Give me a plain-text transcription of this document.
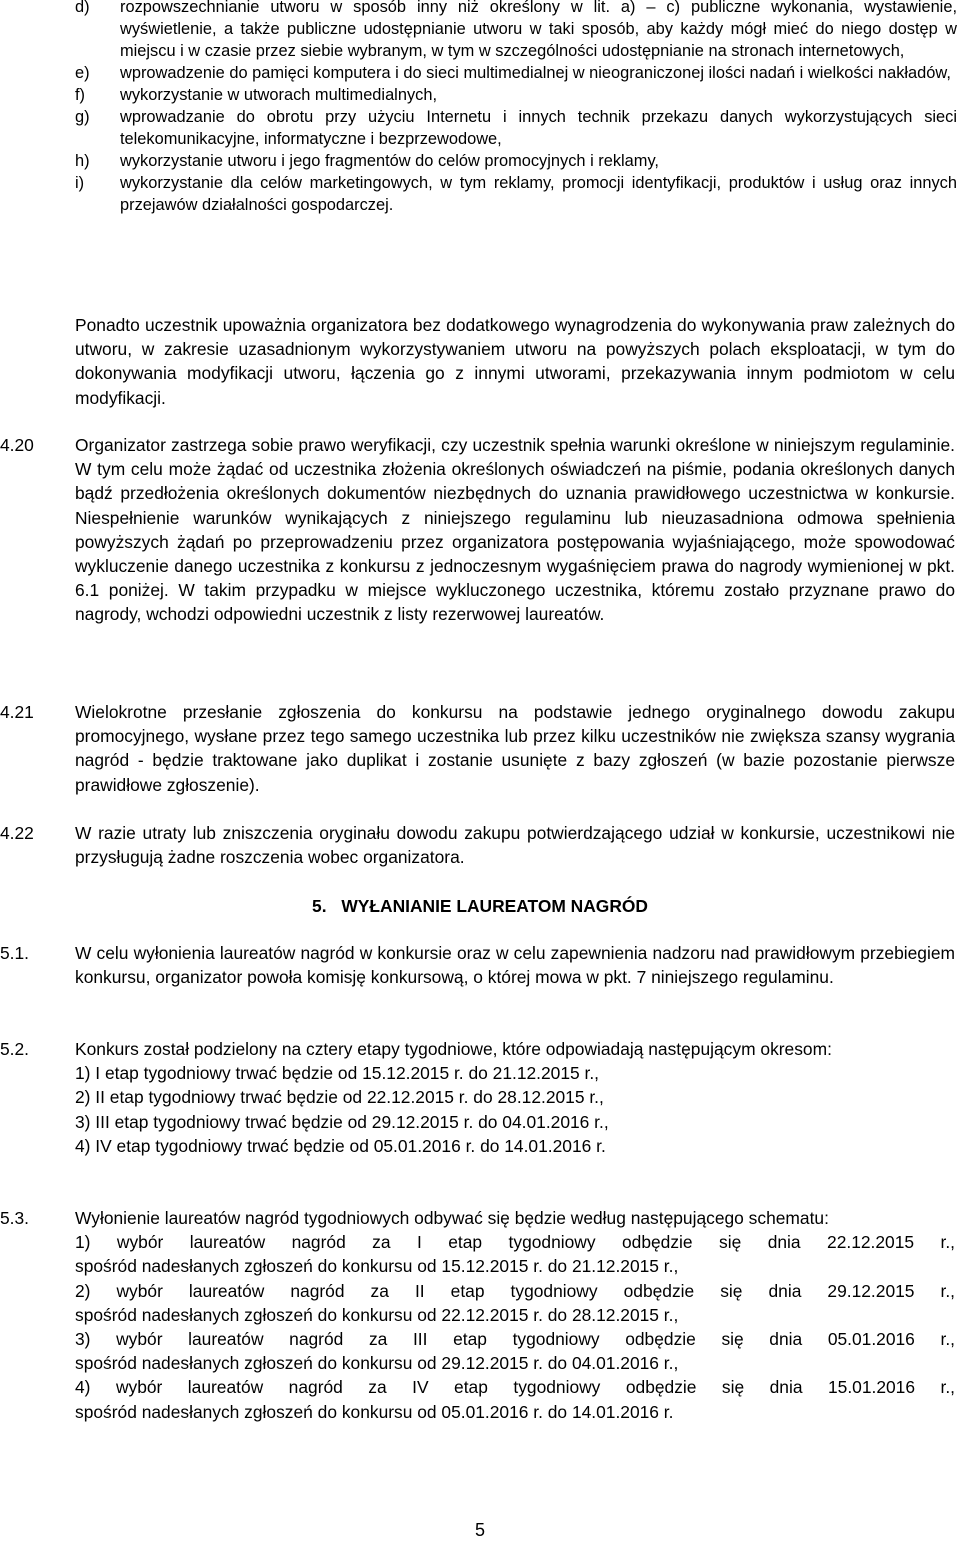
d) rozpowszechnianie utworu w sposób inny niż określony w lit. a) – c) publiczne wykonania, wystawienie, wyświetlenie, a także publiczne udostępnianie utworu w taki sposób, aby każdy mógł mieć do niego dostęp w miejscu i w czasie przez siebie wybranym, w tym w szczególności udostępnianie na stronach internetowych,
e) wprowadzenie do pamięci komputera i do sieci multimedialnej w nieograniczonej ilości nadań i wielkości nakładów,
f) wykorzystanie w utworach multimedialnych,
g) wprowadzanie do obrotu przy użyciu Internetu i innych technik przekazu danych wykorzystujących sieci telekomunikacyjne, informatyczne i bezprzewodowe,
h) wykorzystanie utworu i jego fragmentów do celów promocyjnych i reklamy,
i) wykorzystanie dla celów marketingowych, w tym reklamy, promocji identyfikacji, produktów i usług oraz innych przejawów działalności gospodarczej.
Ponadto uczestnik upoważnia organizatora bez dodatkowego wynagrodzenia do wykonywania praw zależnych do utworu, w zakresie uzasadnionym wykorzystywaniem utworu na powyższych polach eksploatacji, w tym do dokonywania modyfikacji utworu, łączenia go z innymi utworami, przekazywania innym podmiotom w celu modyfikacji.
4.20 Organizator zastrzega sobie prawo weryfikacji, czy uczestnik spełnia warunki określone w niniejszym regulaminie. W tym celu może żądać od uczestnika złożenia określonych oświadczeń na piśmie, podania określonych danych bądź przedłożenia określonych dokumentów niezbędnych do uznania prawidłowego uczestnictwa w konkursie. Niespełnienie warunków wynikających z niniejszego regulaminu lub nieuzasadniona odmowa spełnienia powyższych żądań po przeprowadzeniu przez organizatora postępowania wyjaśniającego, może spowodować wykluczenie danego uczestnika z konkursu z jednoczesnym wygaśnięciem prawa do nagrody wymienionej w pkt. 6.1 poniżej. W takim przypadku w miejsce wykluczonego uczestnika, któremu zostało przyznane prawo do nagrody, wchodzi odpowiedni uczestnik z listy rezerwowej laureatów.
4.21 Wielokrotne przesłanie zgłoszenia do konkursu na podstawie jednego oryginalnego dowodu zakupu promocyjnego, wysłane przez tego samego uczestnika lub przez kilku uczestników nie zwiększa szansy wygrania nagród - będzie traktowane jako duplikat i zostanie usunięte z bazy zgłoszeń (w bazie pozostanie pierwsze prawidłowe zgłoszenie).
4.22 W razie utraty lub zniszczenia oryginału dowodu zakupu potwierdzającego udział w konkursie, uczestnikowi nie przysługują żadne roszczenia wobec organizatora.
5. WYŁANIANIE LAUREATOM NAGRÓD
5.1.	W celu wyłonienia laureatów nagród w konkursie oraz w celu zapewnienia nadzoru nad prawidłowym przebiegiem konkursu, organizator powoła komisję konkursową, o której mowa w pkt. 7 niniejszego regulaminu.
5.2.	Konkurs został podzielony na cztery etapy tygodniowe, które odpowiadają następującym okresom:
1) I etap tygodniowy trwać będzie od 15.12.2015 r. do 21.12.2015 r.,
2) II etap tygodniowy trwać będzie od 22.12.2015 r. do 28.12.2015 r.,
3) III etap tygodniowy trwać będzie od 29.12.2015 r. do 04.01.2016 r.,
4) IV etap tygodniowy trwać będzie od 05.01.2016 r. do 14.01.2016 r.
5.3.	Wyłonienie laureatów nagród tygodniowych odbywać się będzie według następującego schematu:
1) wybór laureatów nagród za I etap tygodniowy odbędzie się dnia 22.12.2015 r.,
spośród nadesłanych zgłoszeń do konkursu od 15.12.2015 r. do 21.12.2015 r.,
2) wybór laureatów nagród za II etap tygodniowy odbędzie się dnia 29.12.2015 r.,
spośród nadesłanych zgłoszeń do konkursu od 22.12.2015 r. do 28.12.2015 r.,
3) wybór laureatów nagród za III etap tygodniowy odbędzie się dnia 05.01.2016 r.,
spośród nadesłanych zgłoszeń do konkursu od 29.12.2015 r. do 04.01.2016 r.,
4) wybór laureatów nagród za IV etap tygodniowy odbędzie się dnia 15.01.2016 r.,
spośród nadesłanych zgłoszeń do konkursu od 05.01.2016 r. do 14.01.2016 r.
5
